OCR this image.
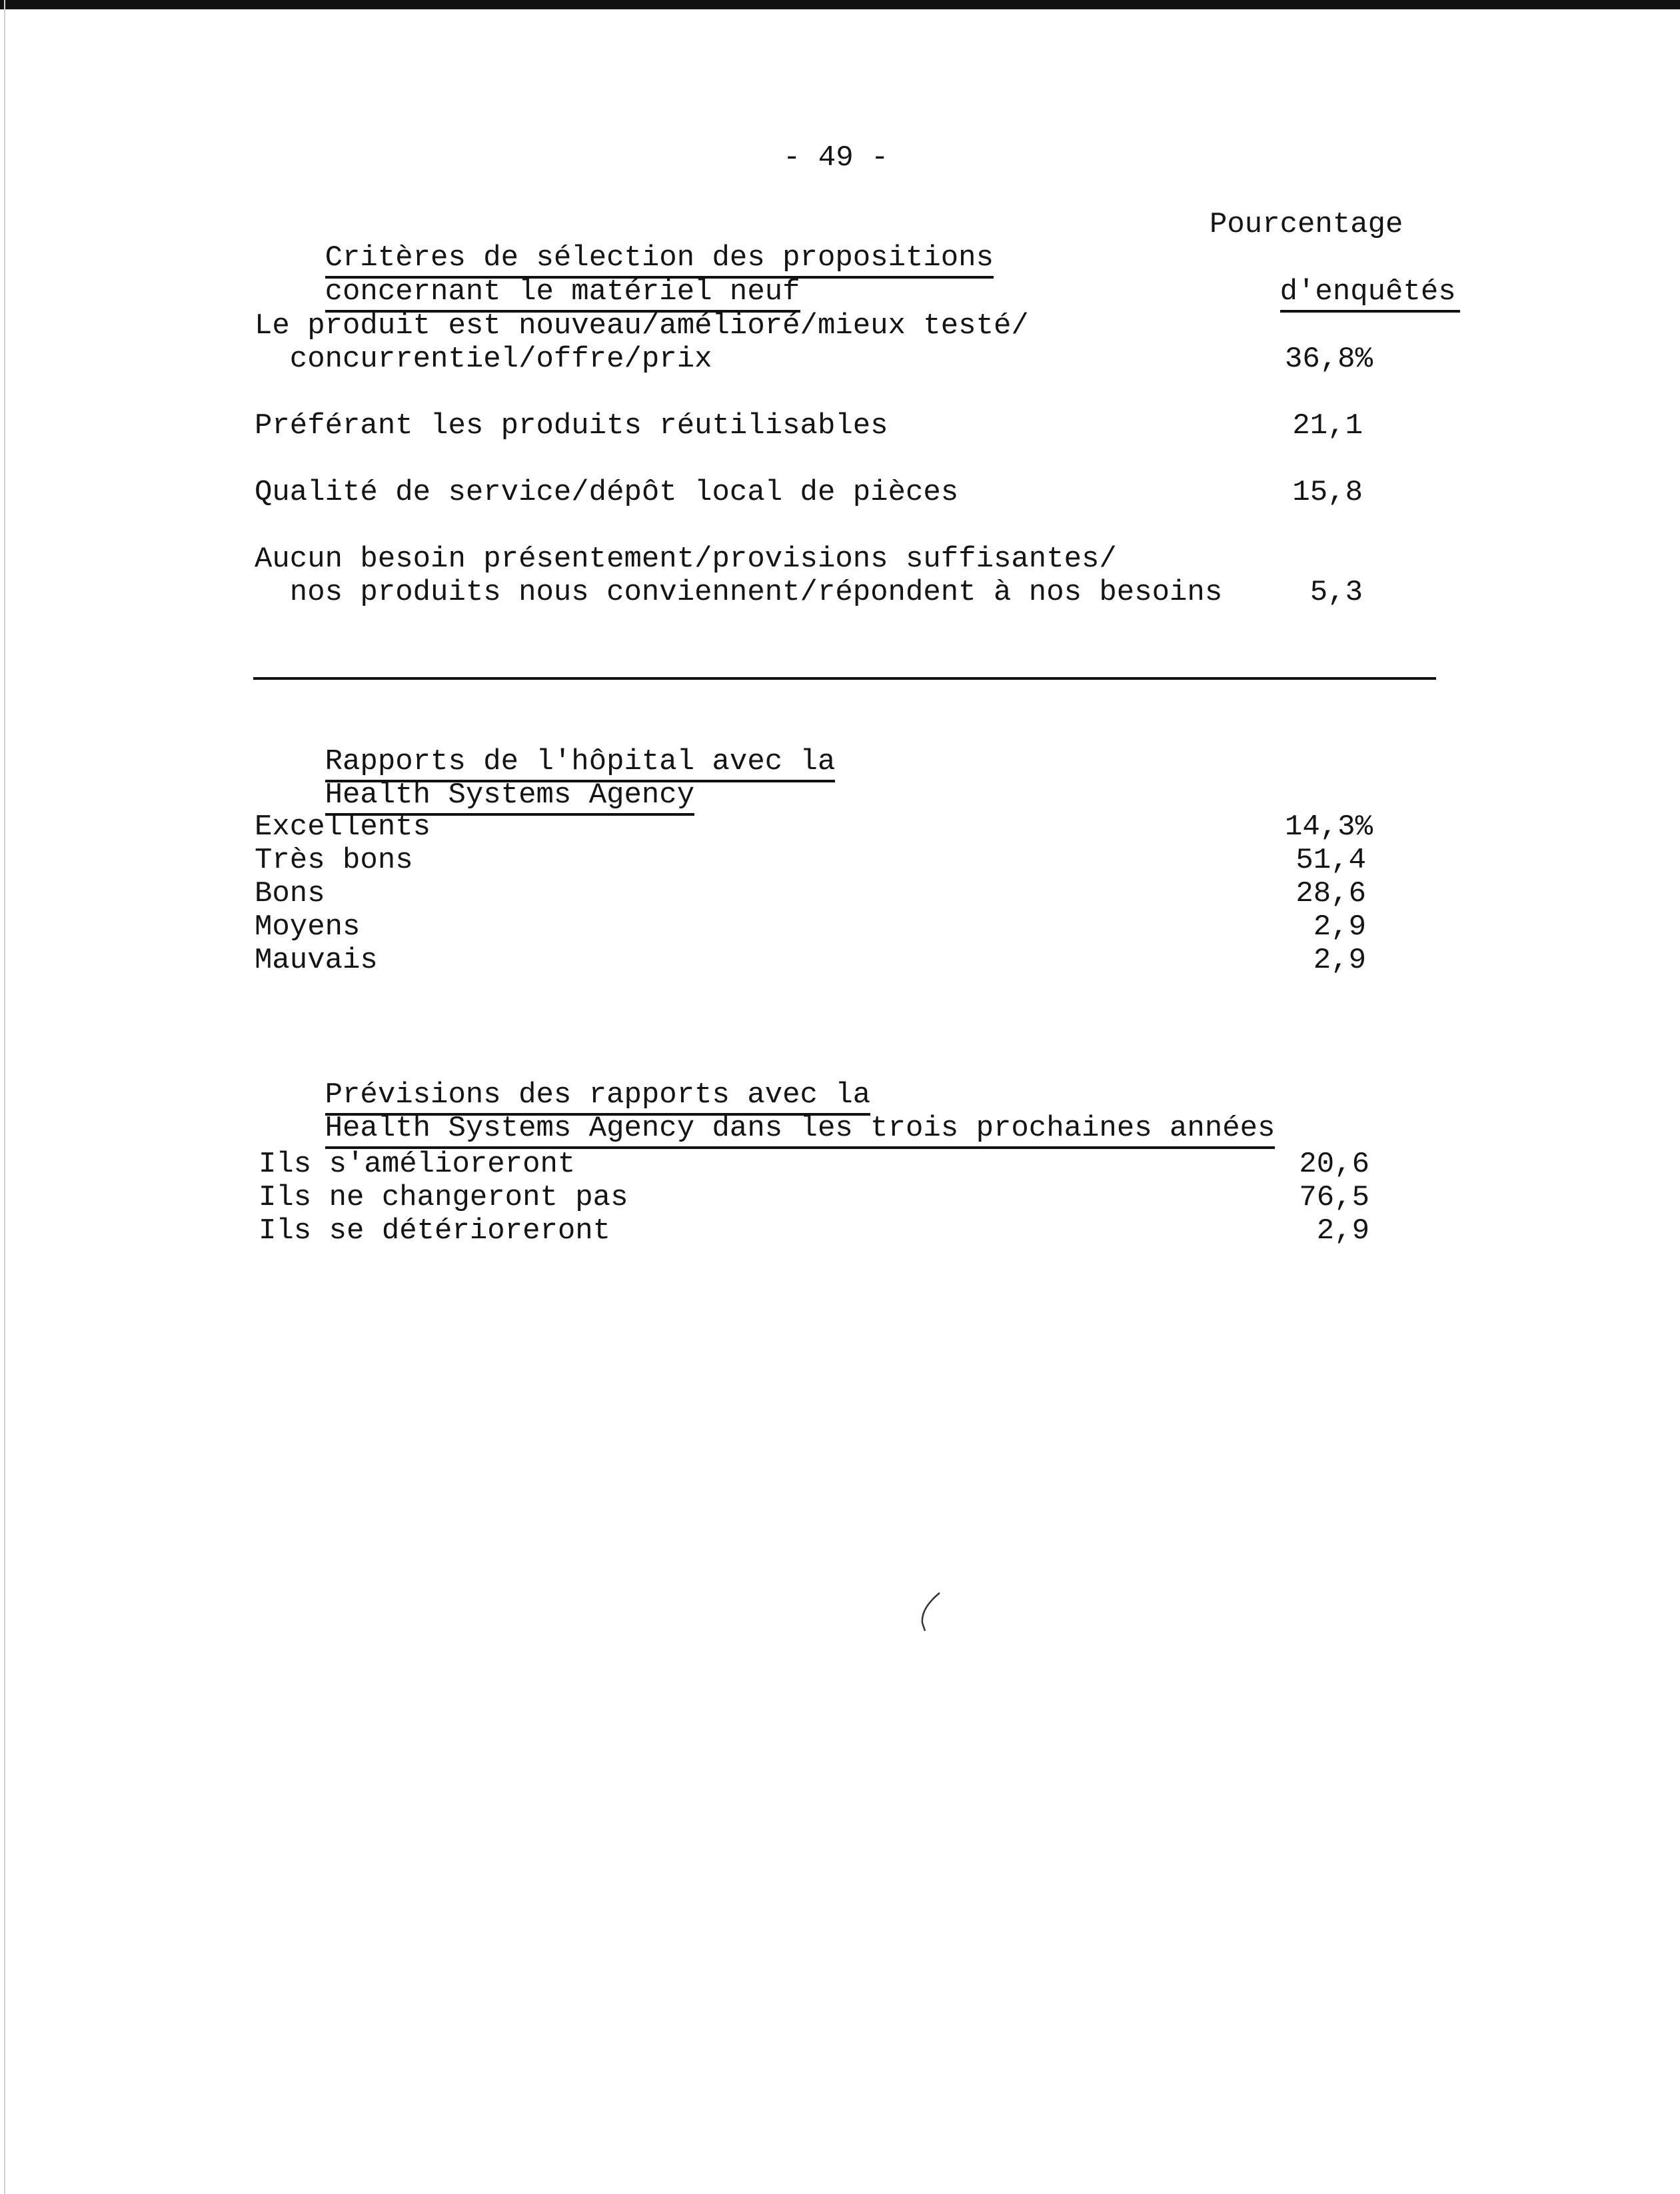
- 49 -

Critères de sélection des propositions

concernant le matériel neuf

Pourcentage

d'enquêtés

Le produit est nouveau/amélioré/mieux testé/
concurrentiel/offre/prix	36,8%
Préférant les produits réutilisables	21,1
Qualité de service/dépôt local de pièces	15,8
Aucun besoin présentement/provisions suffisantes/
nos produits nous conviennent/répondent à nos besoins	5,3

Rapports de l'hôpital avec la

Health Systems Agency

Excellents	14,3%
Très bons	51,4
Bons	28,6
Moyens	2,9
Mauvais	2,9

Prévisions des rapports avec la

Health Systems Agency dans les trois prochaines années

Ils s'amélioreront	20,6
Ils ne changeront pas	76,5
Ils se détérioreront	2,9
